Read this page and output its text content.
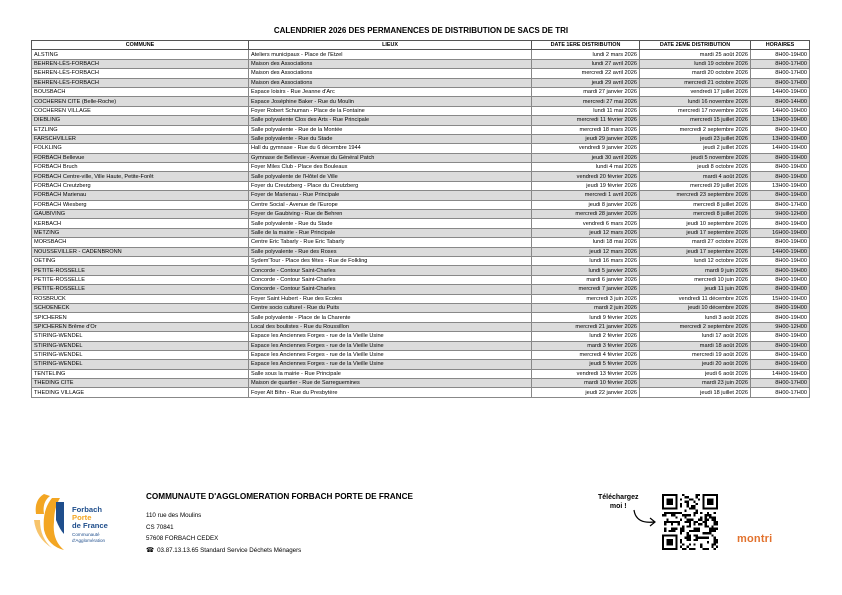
CALENDRIER 2026 DES PERMANENCES DE DISTRIBUTION DE SACS DE TRI
COMMUNE	LIEUX	DATE 1ERE DISTRIBUTION	DATE 2EME DISTRIBUTION	HORAIRES
ALSTING	Ateliers municipaux - Place de l'Etzel	lundi 2 mars 2026	mardi 25 août 2026	8H00-19H00
BEHREN-LÈS-FORBACH	Maison des Associations	lundi 27 avril 2026	lundi 19 octobre 2026	8H00-17H00
BEHREN-LÈS-FORBACH	Maison des Associations	mercredi 22 avril 2026	mardi 20 octobre 2026	8H00-17H00
BEHREN-LÈS-FORBACH	Maison des Associations	jeudi 29 avril 2026	mercredi 21 octobre 2026	8H00-17H00
BOUSBACH	Espace loisirs - Rue Jeanne d'Arc	mardi 27 janvier 2026	vendredi 17 juillet 2026	14H00-19H00
COCHEREN CITE (Belle-Roche)	Espace Joséphine Baker - Rue du Moulin	mercredi 27 mai 2026	lundi 16 novembre 2026	8H00-14H00
COCHEREN VILLAGE	Foyer Robert Schuman - Place de la Fontaine	lundi 11 mai 2026	mercredi 17 novembre 2026	14H00-19H00
DIEBLING	Salle polyvalente Clos des Arts - Rue Principale	mercredi 11 février 2026	mercredi 15 juillet 2026	13H00-19H00
ETZLING	Salle polyvalente - Rue de la Montée	mercredi 18 mars 2026	mercredi 2 septembre 2026	8H00-19H00
FARSCHVILLER	Salle polyvalente - Rue du Stade	jeudi 29 janvier 2026	jeudi 23 juillet 2026	13H00-19H00
FOLKLING	Hall du gymnase - Rue du 6 décembre 1944	vendredi 9 janvier 2026	jeudi 2 juillet 2026	14H00-19H00
FORBACH Bellevue	Gymnase de Bellevue - Avenue du Général Patch	jeudi 30 avril 2026	jeudi 5 novembre 2026	8H00-19H00
FORBACH Bruch	Foyer Miles Club - Place des Bouleaux	lundi 4 mai 2026	jeudi 8 octobre 2026	8H00-19H00
FORBACH Centre-ville, Ville Haute, Petite-Forêt	Salle polyvalente de l'Hôtel de Ville	vendredi 20 février 2026	mardi 4 août 2026	8H00-19H00
FORBACH Creutzberg	Foyer du Creutzberg - Place du Creutzberg	jeudi 19 février 2026	mercredi 29 juillet 2026	13H00-19H00
FORBACH Marienau	Foyer de Marienau - Rue Principale	mercredi 1 avril 2026	mercredi 23 septembre 2026	8H00-19H00
FORBACH Wiesberg	Centre Social - Avenue de l'Europe	jeudi 8 janvier 2026	mercredi 8 juillet 2026	8H00-17H00
GAUBIVING	Foyer de Gaubiving - Rue de Behren	mercredi 28 janvier 2026	mercredi 8 juillet 2026	9H00-12H00
KERBACH	Salle polyvalente - Rue du Stade	vendredi 6 mars 2026	jeudi 10 septembre 2026	8H00-19H00
METZING	Salle de la mairie - Rue Principale	jeudi 12 mars 2026	jeudi 17 septembre 2026	16H00-19H00
MORSBACH	Centre Eric Tabarly - Rue Eric Tabarly	lundi 18 mai 2026	mardi 27 octobre 2026	8H00-19H00
NOUSSEVILLER - CADENBRONN	Salle polyvalente - Rue des Roses	jeudi 12 mars 2026	jeudi 17 septembre 2026	14H00-19H00
OETING	Sydem'Tour - Place des fêtes - Rue de Folkling	lundi 16 mars 2026	lundi 12 octobre 2026	8H00-19H00
PETITE-ROSSELLE	Concorde - Contour Saint-Charles	lundi 5 janvier 2026	mardi 9 juin 2026	8H00-19H00
PETITE-ROSSELLE	Concorde - Contour Saint-Charles	mardi 6 janvier 2026	mercredi 10 juin 2026	8H00-19H00
PETITE-ROSSELLE	Concorde - Contour Saint-Charles	mercredi 7 janvier 2026	jeudi 11 juin 2026	8H00-19H00
ROSBRUCK	Foyer Saint Hubert - Rue des Ecoles	mercredi 3 juin 2026	vendredi 11 décembre 2026	15H00-19H00
SCHOENECK	Centre socio culturel - Rue du Puits	mardi 2 juin 2026	jeudi 10 décembre 2026	8H00-19H00
SPICHEREN	Salle polyvalente - Place de la Charente	lundi 9 février 2026	lundi 3 août 2026	8H00-19H00
SPICHEREN Brême d'Or	Local des boulistes - Rue du Roussillon	mercredi 21 janvier 2026	mercredi 2 septembre 2026	9H00-12H00
STIRING-WENDEL	Espace les Anciennes Forges - rue de la Vieille Usine	lundi 2 février 2026	lundi 17 août 2026	8H00-19H00
STIRING-WENDEL	Espace les Anciennes Forges - rue de la Vieille Usine	mardi 3 février 2026	mardi 18 août 2026	8H00-19H00
STIRING-WENDEL	Espace les Anciennes Forges - rue de la Vieille Usine	mercredi 4 février 2026	mercredi 19 août 2026	8H00-19H00
STIRING-WENDEL	Espace les Anciennes Forges - rue de la Vieille Usine	jeudi 5 février 2026	jeudi 20 août 2026	8H00-19H00
TENTELING	Salle sous la mairie - Rue Principale	vendredi 13 février 2026	jeudi 6 août 2026	14H00-19H00
THEDING CITE	Maison de quartier - Rue de Sarreguemines	mardi 10 février 2026	mardi 23 juin 2026	8H00-17H00
THEDING VILLAGE	Foyer Alt Bihn - Rue du Presbytère	jeudi 22 janvier 2026	jeudi 18 juillet 2026	8H00-17H00
Forbach
Porte
de France
Communauté
d'Agglomération
COMMUNAUTE D'AGGLOMERATION FORBACH PORTE DE FRANCE
110 rue des Moulins
CS 70841
57608 FORBACH CEDEX
☎ 03.87.13.13.65 Standard Service Déchets Ménagers
Téléchargez
moi !
montri
